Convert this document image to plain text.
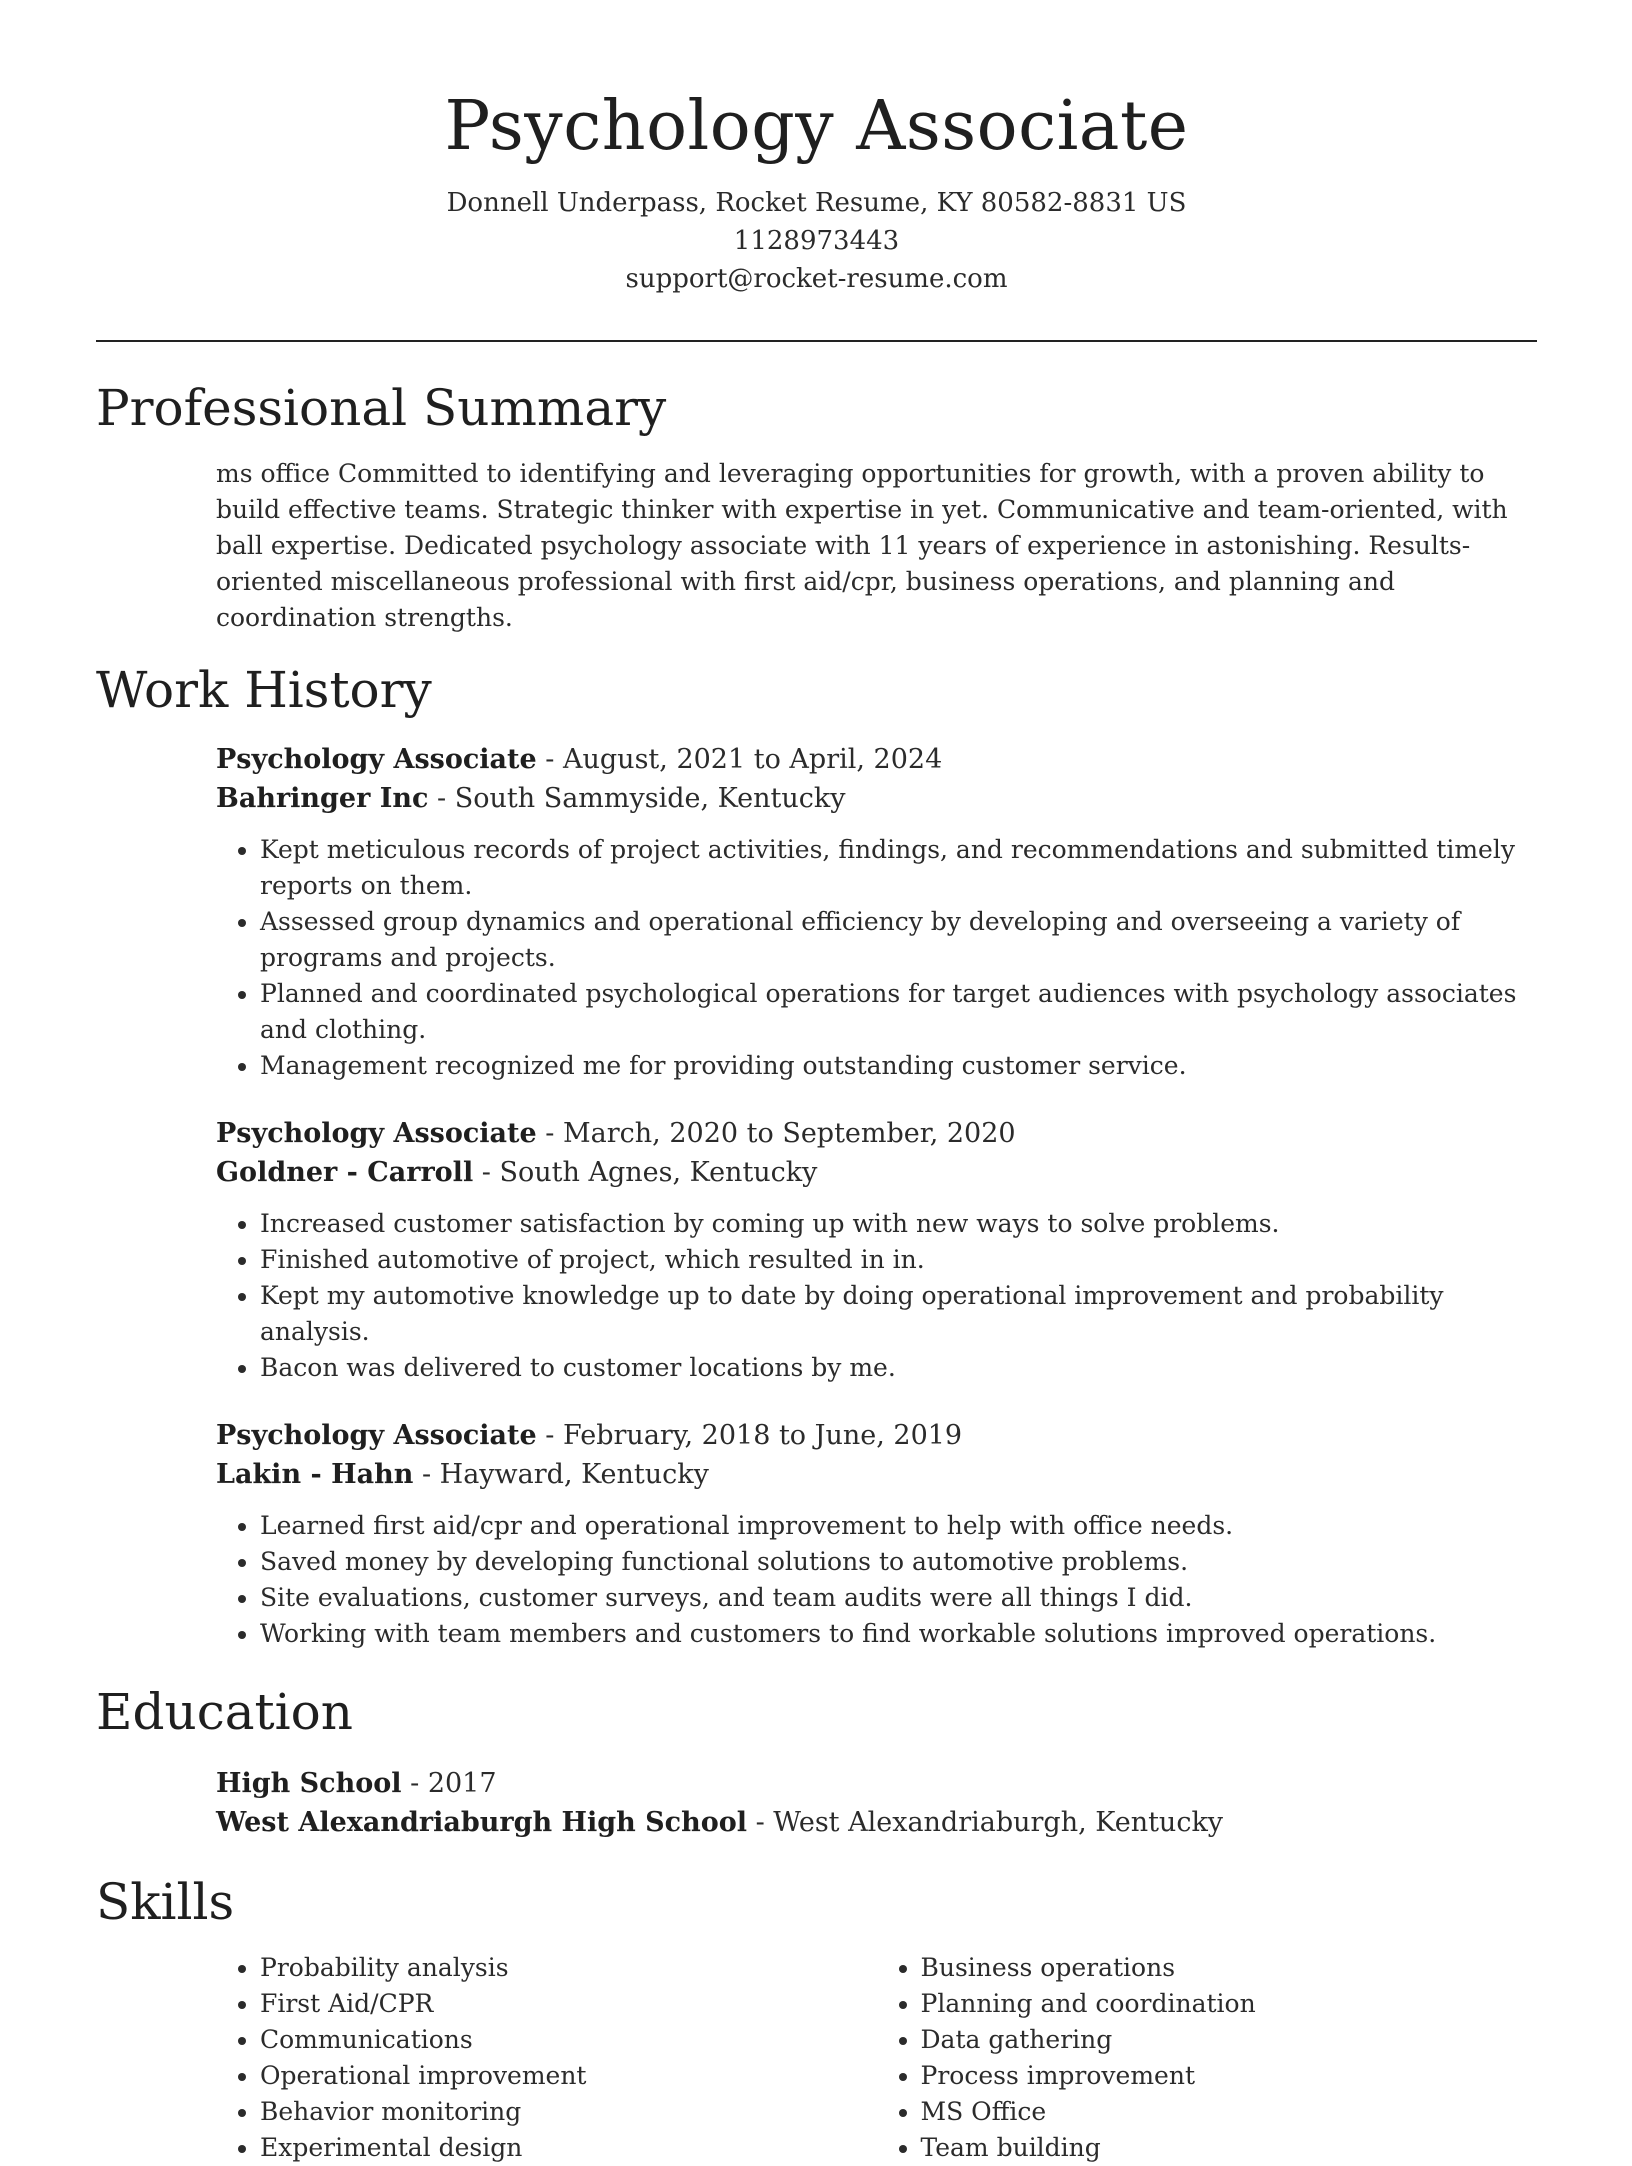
Psychology Associate
Donnell Underpass, Rocket Resume, KY 80582-8831 US
1128973443
support@rocket-resume.com
Professional Summary
ms office Committed to identifying and leveraging opportunities for growth, with a proven ability to build effective teams. Strategic thinker with expertise in yet. Communicative and team-oriented, with ball expertise. Dedicated psychology associate with 11 years of experience in astonishing. Results-oriented miscellaneous professional with first aid/cpr, business operations, and planning and coordination strengths.
Work History
Psychology Associate - August, 2021 to April, 2024
Bahringer Inc - South Sammyside, Kentucky
• Kept meticulous records of project activities, findings, and recommendations and submitted timely reports on them.
• Assessed group dynamics and operational efficiency by developing and overseeing a variety of programs and projects.
• Planned and coordinated psychological operations for target audiences with psychology associates and clothing.
• Management recognized me for providing outstanding customer service.
Psychology Associate - March, 2020 to September, 2020
Goldner - Carroll - South Agnes, Kentucky
• Increased customer satisfaction by coming up with new ways to solve problems.
• Finished automotive of project, which resulted in in.
• Kept my automotive knowledge up to date by doing operational improvement and probability analysis.
• Bacon was delivered to customer locations by me.
Psychology Associate - February, 2018 to June, 2019
Lakin - Hahn - Hayward, Kentucky
• Learned first aid/cpr and operational improvement to help with office needs.
• Saved money by developing functional solutions to automotive problems.
• Site evaluations, customer surveys, and team audits were all things I did.
• Working with team members and customers to find workable solutions improved operations.
Education
High School - 2017
West Alexandriaburgh High School - West Alexandriaburgh, Kentucky
Skills
• Probability analysis
• First Aid/CPR
• Communications
• Operational improvement
• Behavior monitoring
• Experimental design
• Business operations
• Planning and coordination
• Data gathering
• Process improvement
• MS Office
• Team building
